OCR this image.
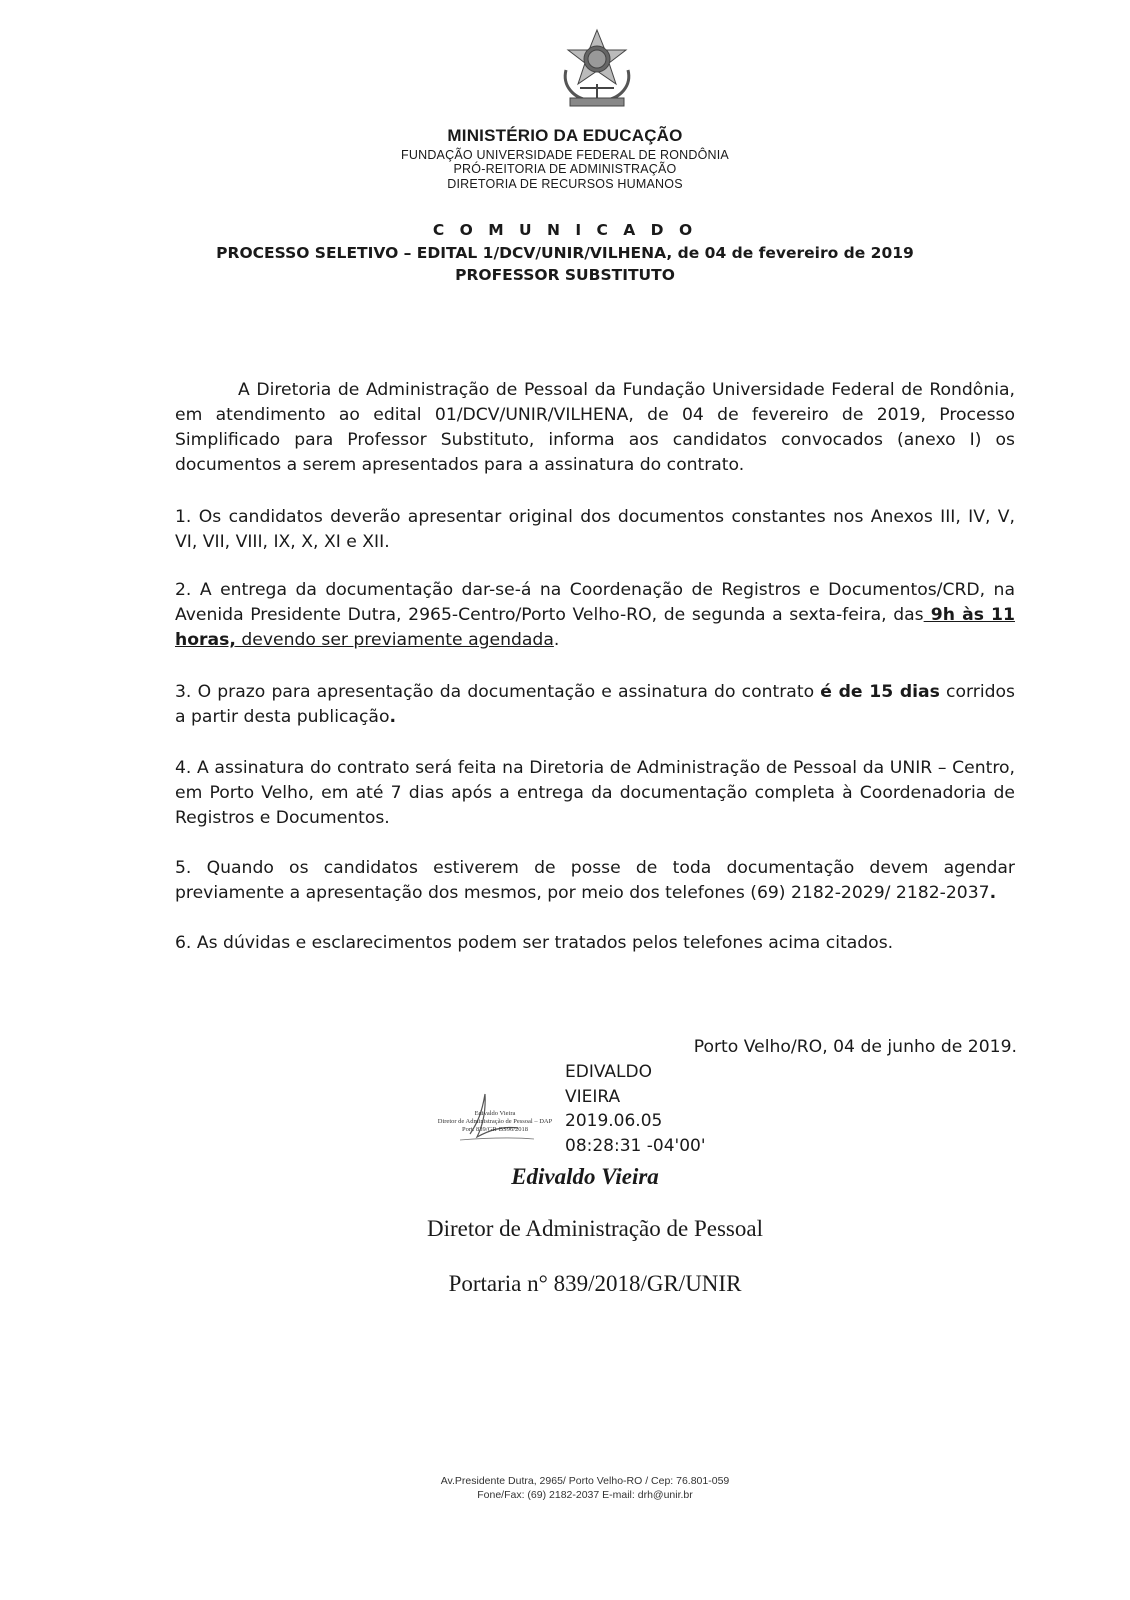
MINISTÉRIO DA EDUCAÇÃO
FUNDAÇÃO UNIVERSIDADE FEDERAL DE RONDÔNIA
PRÓ-REITORIA DE ADMINISTRAÇÃO
DIRETORIA DE RECURSOS HUMANOS
C O M U N I C A D O
PROCESSO SELETIVO – EDITAL 1/DCV/UNIR/VILHENA, de 04 de fevereiro de 2019
PROFESSOR SUBSTITUTO
A Diretoria de Administração de Pessoal da Fundação Universidade Federal de Rondônia, em atendimento ao edital 01/DCV/UNIR/VILHENA, de 04 de fevereiro de 2019, Processo Simplificado para Professor Substituto, informa aos candidatos convocados (anexo I) os documentos a serem apresentados para a assinatura do contrato.
1. Os candidatos deverão apresentar original dos documentos constantes nos Anexos III, IV, V, VI, VII, VIII, IX, X, XI e XII.
2. A entrega da documentação dar-se-á na Coordenação de Registros e Documentos/CRD, na Avenida Presidente Dutra, 2965-Centro/Porto Velho-RO, de segunda a sexta-feira, das 9h às 11 horas, devendo ser previamente agendada.
3. O prazo para apresentação da documentação e assinatura do contrato é de 15 dias corridos a partir desta publicação.
4. A assinatura do contrato será feita na Diretoria de Administração de Pessoal da UNIR – Centro, em Porto Velho, em até 7 dias após a entrega da documentação completa à Coordenadoria de Registros e Documentos.
5. Quando os candidatos estiverem de posse de toda documentação devem agendar previamente a apresentação dos mesmos, por meio dos telefones (69) 2182-2029/ 2182-2037.
6. As dúvidas e esclarecimentos podem ser tratados pelos telefones acima citados.
Porto Velho/RO, 04 de junho de 2019.
Edivaldo Vieira
Diretor de Administração de Pessoal – DAP
Port. 839/GR-BS96/2018
EDIVALDO
VIEIRA
2019.06.05
08:28:31 -04'00'
Edivaldo Vieira
Diretor de Administração de Pessoal
Portaria n° 839/2018/GR/UNIR
Av.Presidente Dutra, 2965/ Porto Velho-RO / Cep: 76.801-059
Fone/Fax: (69) 2182-2037 E-mail: drh@unir.br
